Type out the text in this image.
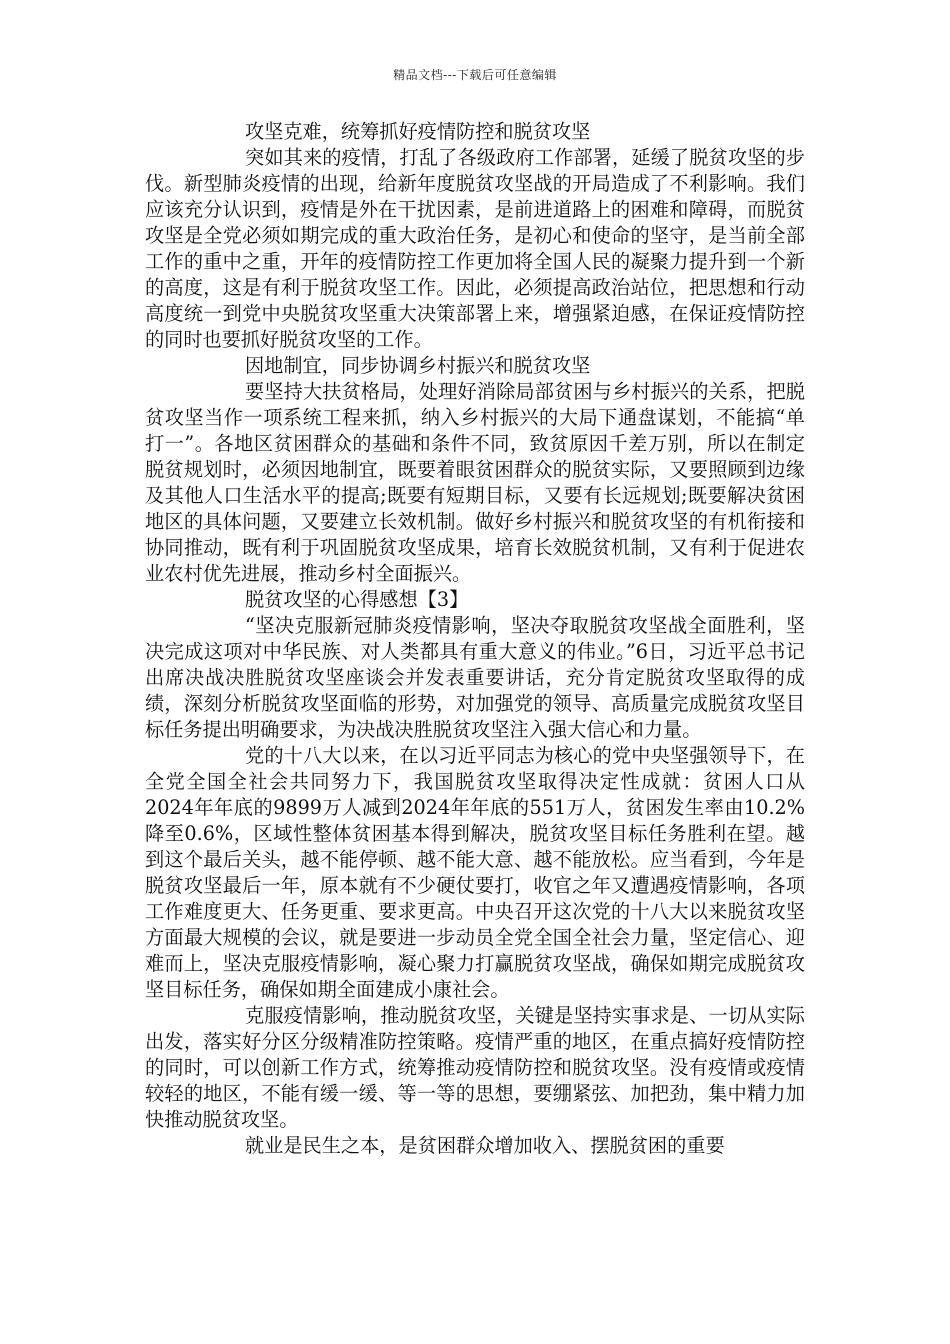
精品文档---下载后可任意编辑

攻坚克难，统筹抓好疫情防控和脱贫攻坚

突如其来的疫情，打乱了各级政府工作部署，延缓了脱贫攻坚的步伐。新型肺炎疫情的出现，给新年度脱贫攻坚战的开局造成了不利影响。我们应该充分认识到，疫情是外在干扰因素，是前进道路上的困难和障碍，而脱贫攻坚是全党必须如期完成的重大政治任务，是初心和使命的坚守，是当前全部工作的重中之重，开年的疫情防控工作更加将全国人民的凝聚力提升到一个新的高度，这是有利于脱贫攻坚工作。因此，必须提高政治站位，把思想和行动高度统一到党中央脱贫攻坚重大决策部署上来，增强紧迫感，在保证疫情防控的同时也要抓好脱贫攻坚的工作。

因地制宜，同步协调乡村振兴和脱贫攻坚

要坚持大扶贫格局，处理好消除局部贫困与乡村振兴的关系，把脱贫攻坚当作一项系统工程来抓，纳入乡村振兴的大局下通盘谋划，不能搞“单打一”。各地区贫困群众的基础和条件不同，致贫原因千差万别，所以在制定脱贫规划时，必须因地制宜，既要着眼贫困群众的脱贫实际，又要照顾到边缘及其他人口生活水平的提高;既要有短期目标，又要有长远规划;既要解决贫困地区的具体问题，又要建立长效机制。做好乡村振兴和脱贫攻坚的有机衔接和协同推动，既有利于巩固脱贫攻坚成果，培育长效脱贫机制，又有利于促进农业农村优先进展，推动乡村全面振兴。

脱贫攻坚的心得感想【3】

“坚决克服新冠肺炎疫情影响，坚决夺取脱贫攻坚战全面胜利，坚决完成这项对中华民族、对人类都具有重大意义的伟业。”6日，习近平总书记出席决战决胜脱贫攻坚座谈会并发表重要讲话，充分肯定脱贫攻坚取得的成绩，深刻分析脱贫攻坚面临的形势，对加强党的领导、高质量完成脱贫攻坚目标任务提出明确要求，为决战决胜脱贫攻坚注入强大信心和力量。

党的十八大以来，在以习近平同志为核心的党中央坚强领导下，在全党全国全社会共同努力下，我国脱贫攻坚取得决定性成就：贫困人口从2024年年底的9899万人减到2024年年底的551万人，贫困发生率由10.2%降至0.6%，区域性整体贫困基本得到解决，脱贫攻坚目标任务胜利在望。越到这个最后关头，越不能停顿、越不能大意、越不能放松。应当看到，今年是脱贫攻坚最后一年，原本就有不少硬仗要打，收官之年又遭遇疫情影响，各项工作难度更大、任务更重、要求更高。中央召开这次党的十八大以来脱贫攻坚方面最大规模的会议，就是要进一步动员全党全国全社会力量，坚定信心、迎难而上，坚决克服疫情影响，凝心聚力打赢脱贫攻坚战，确保如期完成脱贫攻坚目标任务，确保如期全面建成小康社会。

克服疫情影响，推动脱贫攻坚，关键是坚持实事求是、一切从实际出发，落实好分区分级精准防控策略。疫情严重的地区，在重点搞好疫情防控的同时，可以创新工作方式，统筹推动疫情防控和脱贫攻坚。没有疫情或疫情较轻的地区，不能有缓一缓、等一等的思想，要绷紧弦、加把劲，集中精力加快推动脱贫攻坚。

就业是民生之本，是贫困群众增加收入、摆脱贫困的重要
